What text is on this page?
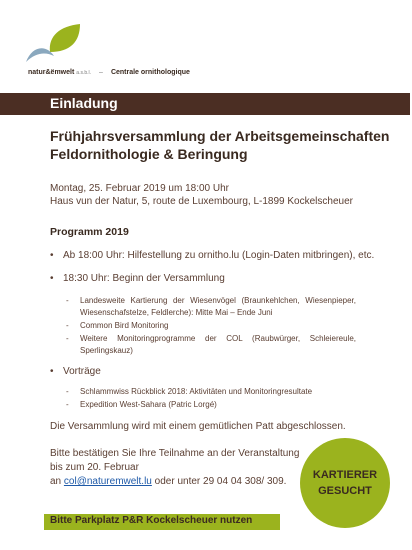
natur&ëmwelt a.s.b.l. – Centrale ornithologique
Einladung
Frühjahrsversammlung der Arbeitsgemeinschaften
Feldornithologie & Beringung
Montag, 25. Februar 2019 um 18:00 Uhr
Haus vun der Natur, 5, route de Luxembourg, L-1899 Kockelscheuer
Programm 2019
• Ab 18:00 Uhr: Hilfestellung zu ornitho.lu (Login-Daten mitbringen), etc.
• 18:30 Uhr: Beginn der Versammlung
-	Landesweite Kartierung der Wiesenvögel (Braunkehlchen, Wiesenpieper, Wiesenschafstelze, Feldlerche): Mitte Mai – Ende Juni
-	Common Bird Monitoring
-	Weitere Monitoringprogramme der COL (Raubwürger, Schleiereule, Sperlingskauz)
• Vorträge
-	Schlammwiss Rückblick 2018: Aktivitäten und Monitoringresultate
-	Expedition West-Sahara (Patric Lorgé)
Die Versammlung wird mit einem gemütlichen Patt abgeschlossen.
Bitte bestätigen Sie Ihre Teilnahme an der Veranstaltung
bis zum 20. Februar
an col@naturemwelt.lu oder unter 29 04 04 308/ 309.
KARTIERER
GESUCHT
Bitte Parkplatz P&R Kockelscheuer nutzen
